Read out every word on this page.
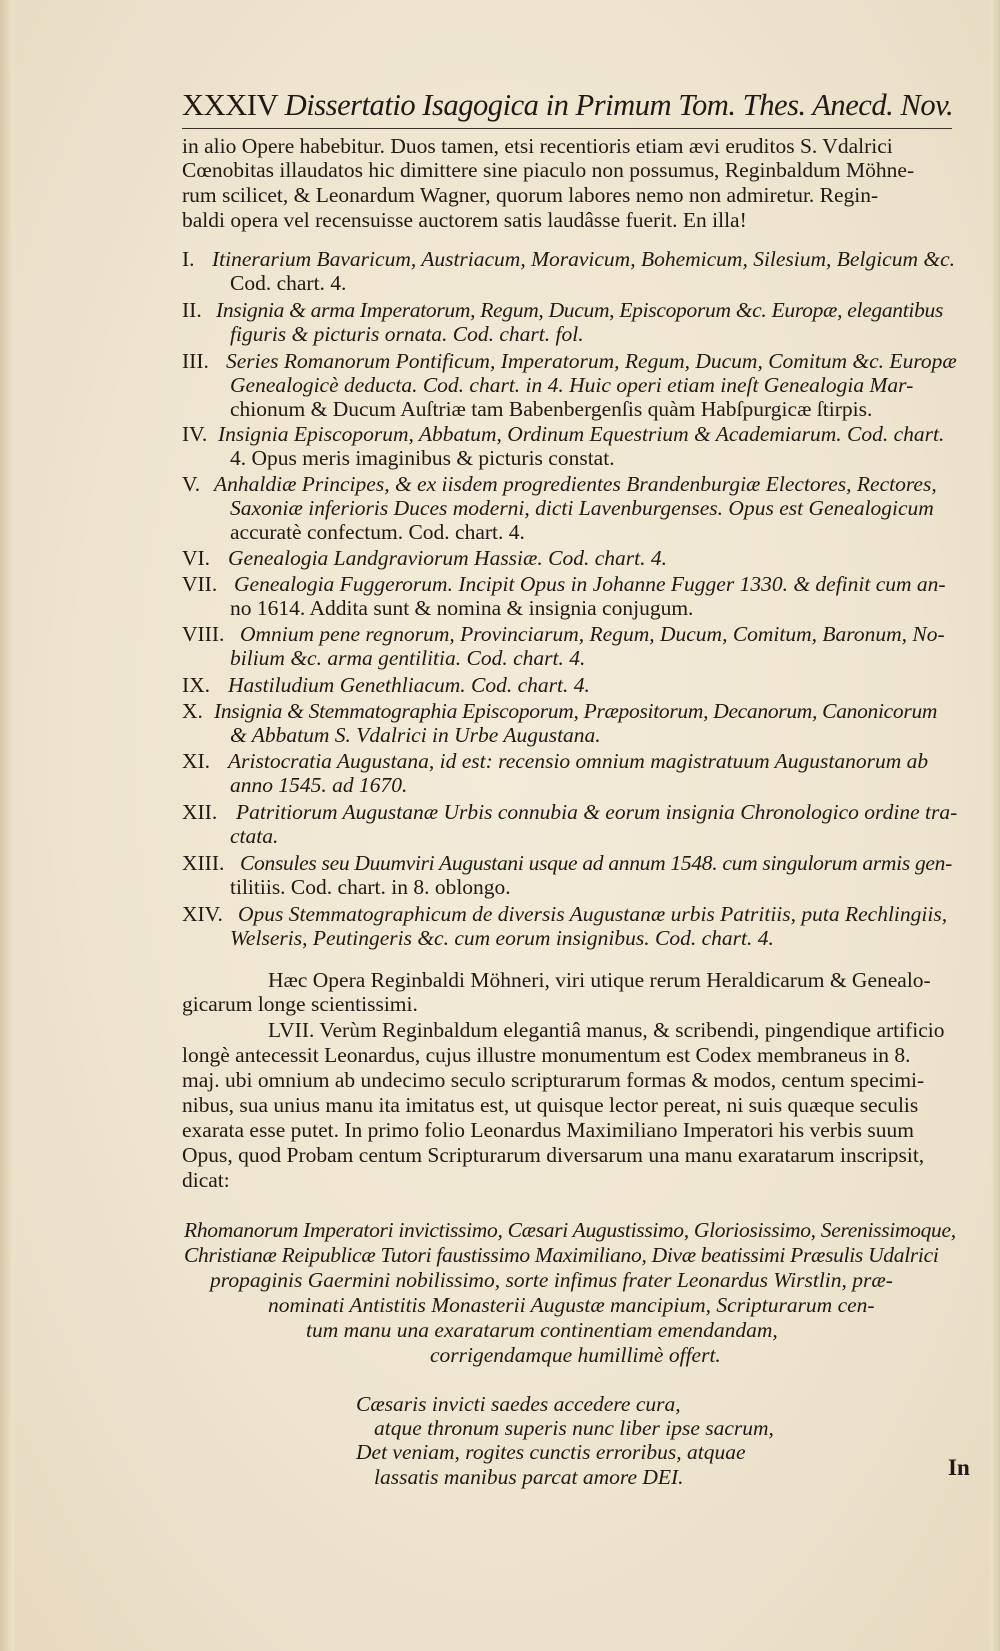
XXXIV Dissertatio Isagogica in Primum Tom. Thes. Anecd. Nov.
in alio Opere habebitur. Duos tamen, etsi recentioris etiam ævi eruditos S. Vdalrici
Cœnobitas illaudatos hic dimittere sine piaculo non possumus, Reginbaldum Möhne-
rum scilicet, & Leonardum Wagner, quorum labores nemo non admiretur. Regin-
baldi opera vel recensuisse auctorem satis laudâsse fuerit. En illa!
I. Itinerarium Bavaricum, Austriacum, Moravicum, Bohemicum, Silesium, Belgicum &c.
Cod. chart. 4.
II. Insignia & arma Imperatorum, Regum, Ducum, Episcoporum &c. Europæ, elegantibus
figuris & picturis ornata. Cod. chart. fol.
III. Series Romanorum Pontificum, Imperatorum, Regum, Ducum, Comitum &c. Europæ
Genealogicè deducta. Cod. chart. in 4. Huic operi etiam ineſt Genealogia Mar-
chionum & Ducum Auſtriæ tam Babenbergenſis quàm Habſpurgicæ ſtirpis.
IV. Insignia Episcoporum, Abbatum, Ordinum Equestrium & Academiarum. Cod. chart.
4. Opus meris imaginibus & picturis constat.
V. Anhaldiæ Principes, & ex iisdem progredientes Brandenburgiæ Electores, Rectores,
Saxoniæ inferioris Duces moderni, dicti Lavenburgenses. Opus est Genealogicum
accuratè confectum. Cod. chart. 4.
VI. Genealogia Landgraviorum Hassiæ. Cod. chart. 4.
VII. Genealogia Fuggerorum. Incipit Opus in Johanne Fugger 1330. & definit cum an-
no 1614. Addita sunt & nomina & insignia conjugum.
VIII. Omnium pene regnorum, Provinciarum, Regum, Ducum, Comitum, Baronum, No-
bilium &c. arma gentilitia. Cod. chart. 4.
IX. Hastiludium Genethliacum. Cod. chart. 4.
X. Insignia & Stemmatographia Episcoporum, Præpositorum, Decanorum, Canonicorum
& Abbatum S. Vdalrici in Urbe Augustana.
XI. Aristocratia Augustana, id est: recensio omnium magistratuum Augustanorum ab
anno 1545. ad 1670.
XII. Patritiorum Augustanæ Urbis connubia & eorum insignia Chronologico ordine tra-
ctata.
XIII. Consules seu Duumviri Augustani usque ad annum 1548. cum singulorum armis gen-
tilitiis. Cod. chart. in 8. oblongo.
XIV. Opus Stemmatographicum de diversis Augustanæ urbis Patritiis, puta Rechlingiis,
Welseris, Peutingeris &c. cum eorum insignibus. Cod. chart. 4.
Hæc Opera Reginbaldi Möhneri, viri utique rerum Heraldicarum & Genealo-
gicarum longe scientissimi.
LVII. Verùm Reginbaldum elegantiâ manus, & scribendi, pingendique artificio
longè antecessit Leonardus, cujus illustre monumentum est Codex membraneus in 8.
maj. ubi omnium ab undecimo seculo scripturarum formas & modos, centum specimi-
nibus, sua unius manu ita imitatus est, ut quisque lector pereat, ni suis quæque seculis
exarata esse putet. In primo folio Leonardus Maximiliano Imperatori his verbis suum
Opus, quod Probam centum Scripturarum diversarum una manu exaratarum inscripsit,
dicat:
Rhomanorum Imperatori invictissimo, Cæsari Augustissimo, Gloriosissimo, Serenissimoque,
Christianæ Reipublicæ Tutori faustissimo Maximiliano, Divæ beatissimi Præsulis Udalrici
propaginis Gaermini nobilissimo, sorte infimus frater Leonardus Wirstlin, præ-
nominati Antistitis Monasterii Augustæ mancipium, Scripturarum cen-
tum manu una exaratarum continentiam emendandam,
corrigendamque humillimè offert.
Cæsaris invicti saedes accedere cura,
atque thronum superis nunc liber ipse sacrum,
Det veniam, rogites cunctis erroribus, atquae
lassatis manibus parcat amore DEI.	In
